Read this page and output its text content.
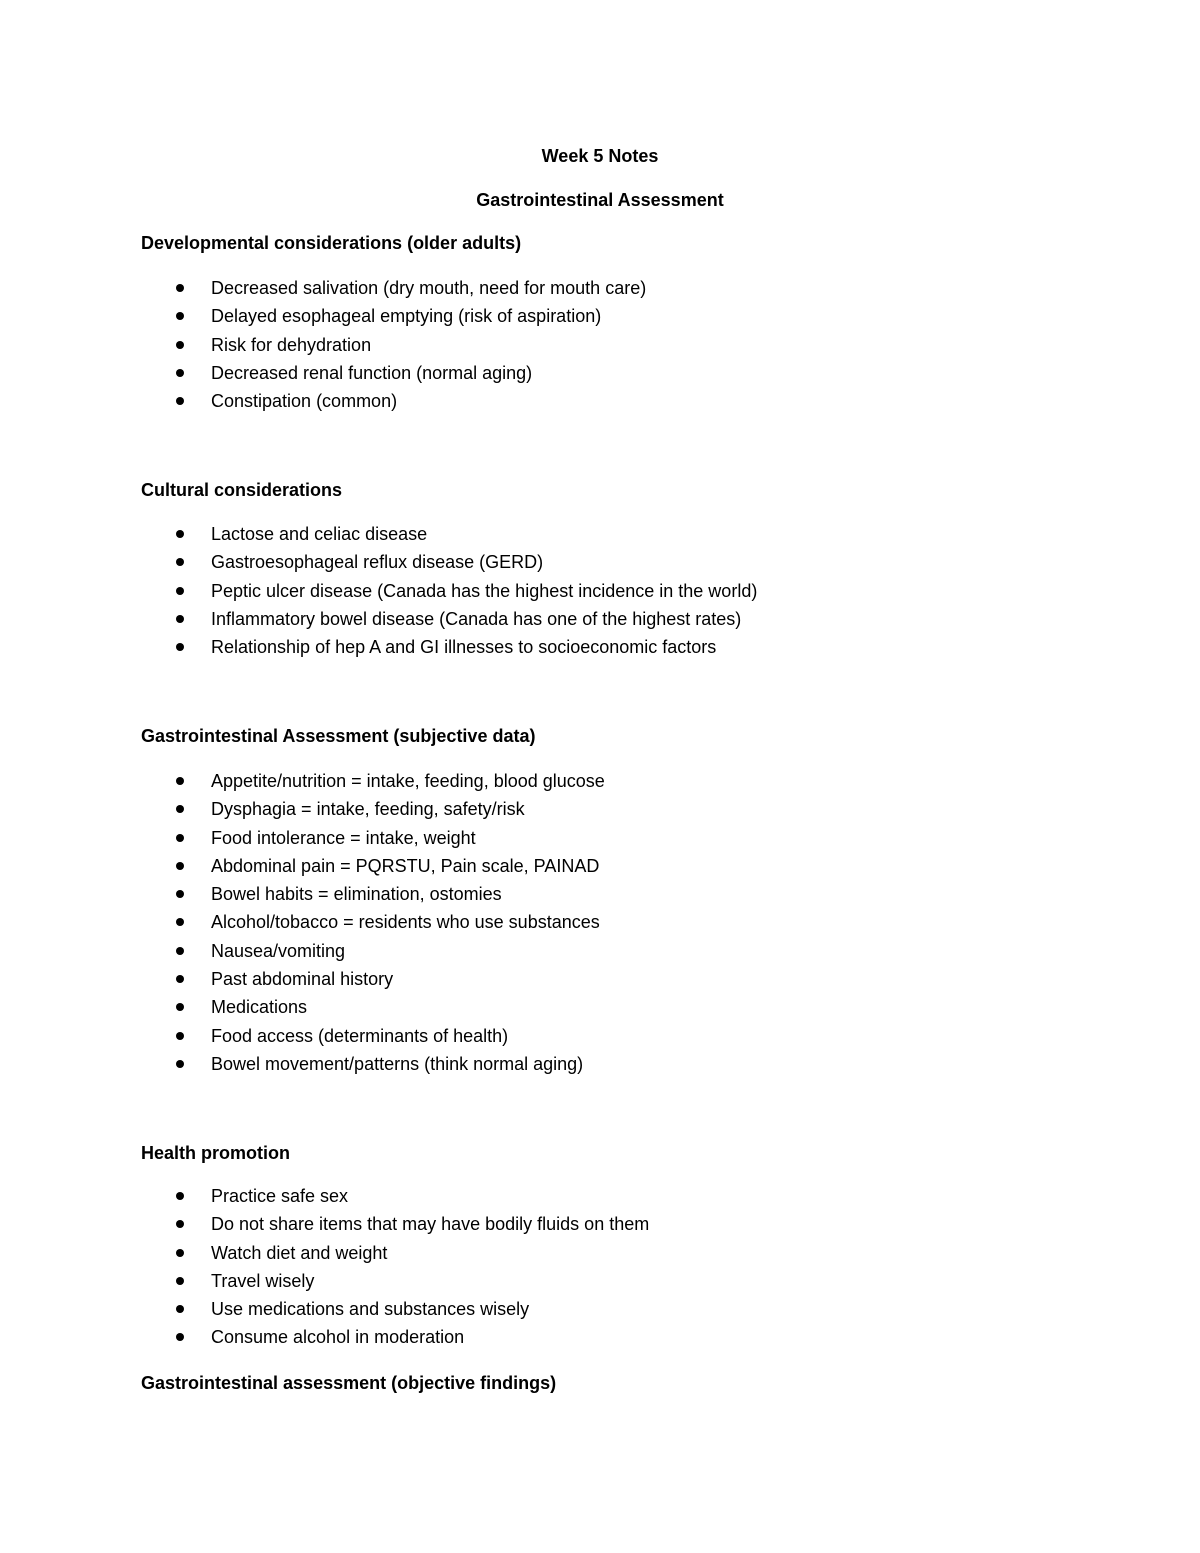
Week 5 Notes

Gastrointestinal Assessment

Developmental considerations (older adults)
Decreased salivation (dry mouth, need for mouth care)
Delayed esophageal emptying (risk of aspiration)
Risk for dehydration
Decreased renal function (normal aging)
Constipation (common)
Cultural considerations
Lactose and celiac disease
Gastroesophageal reflux disease (GERD)
Peptic ulcer disease (Canada has the highest incidence in the world)
Inflammatory bowel disease (Canada has one of the highest rates)
Relationship of hep A and GI illnesses to socioeconomic factors
Gastrointestinal Assessment (subjective data)
Appetite/nutrition = intake, feeding, blood glucose
Dysphagia = intake, feeding, safety/risk
Food intolerance = intake, weight
Abdominal pain = PQRSTU, Pain scale, PAINAD
Bowel habits = elimination, ostomies
Alcohol/tobacco = residents who use substances
Nausea/vomiting
Past abdominal history
Medications
Food access (determinants of health)
Bowel movement/patterns (think normal aging)
Health promotion
Practice safe sex
Do not share items that may have bodily fluids on them
Watch diet and weight
Travel wisely
Use medications and substances wisely
Consume alcohol in moderation
Gastrointestinal assessment (objective findings)
